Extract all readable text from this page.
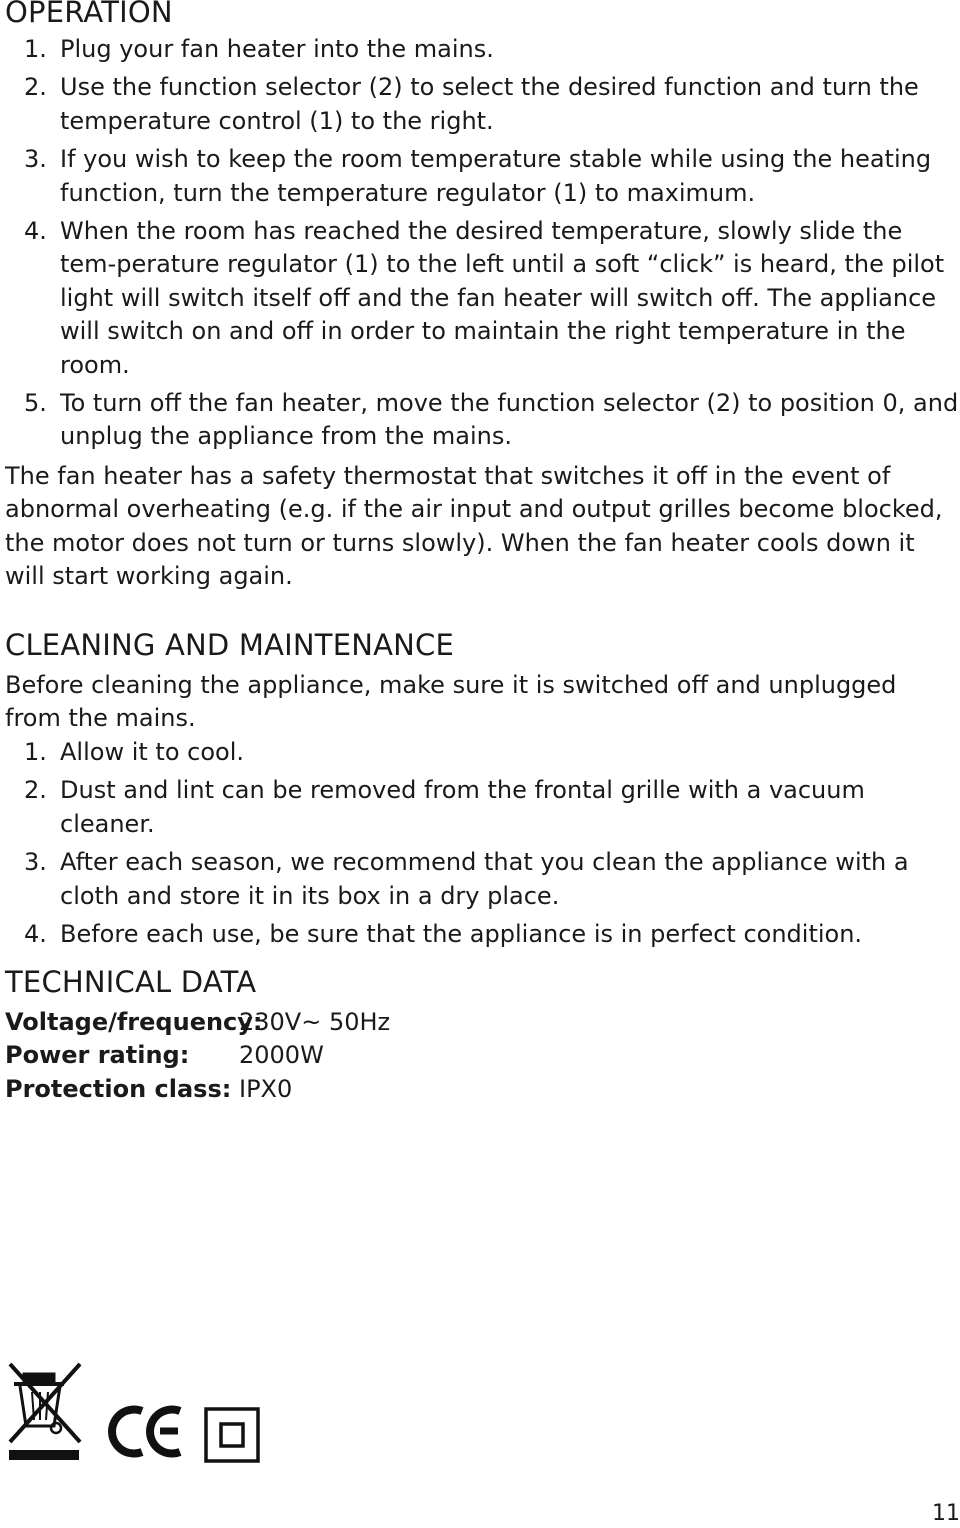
OPERATION
1. Plug your fan heater into the mains.
2. Use the function selector (2) to select the desired function and turn the temperature control (1) to the right.
3. If you wish to keep the room temperature stable while using the heating function, turn the temperature regulator (1) to maximum.
4. When the room has reached the desired temperature, slowly slide the tem-perature regulator (1) to the left until a soft “click” is heard, the pilot light will switch itself off and the fan heater will switch off. The appliance will switch on and off in order to maintain the right temperature in the room.
5. To turn off the fan heater, move the function selector (2) to position 0, and unplug the appliance from the mains.

The fan heater has a safety thermostat that switches it off in the event of abnormal overheating (e.g. if the air input and output grilles become blocked, the motor does not turn or turns slowly). When the fan heater cools down it will start working again.

CLEANING AND MAINTENANCE

Before cleaning the appliance, make sure it is switched off and unplugged from the mains.

1. Allow it to cool.
2. Dust and lint can be removed from the frontal grille with a vacuum cleaner.
3. After each season, we recommend that you clean the appliance with a cloth and store it in its box in a dry place.
4. Before each use, be sure that the appliance is in perfect condition.
TECHNICAL DATA
Voltage/frequency:
230V~ 50Hz
Power rating:	2000W
Protection class: IPX0
11
